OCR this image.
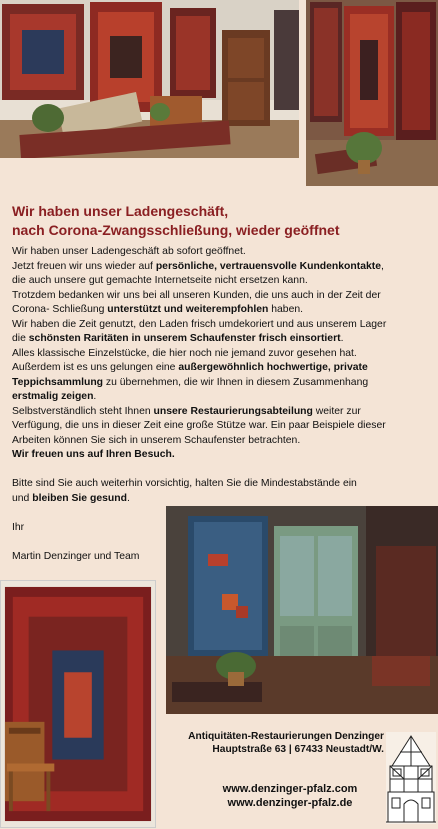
Wir haben unser Ladengeschäft,
nach Corona-Zwangsschließung, wieder geöffnet

Wir haben unser Ladengeschäft ab sofort geöffnet.

Jetzt freuen wir uns wieder auf persönliche, vertrauensvolle Kundenkontakte,

die auch unsere gut gemachte Internetseite nicht ersetzen kann.

Trotzdem bedanken wir uns bei all unseren Kunden, die uns auch in der Zeit der

Corona- Schließung unterstützt und weiterempfohlen haben.

Wir haben die Zeit genutzt, den Laden frisch umdekoriert und aus unserem Lager

die schönsten Raritäten in unserem Schaufenster frisch einsortiert.

Alles klassische Einzelstücke, die hier noch nie jemand zuvor gesehen hat.

Außerdem ist es uns gelungen eine außergewöhnlich hochwertige, private

Teppichsammlung zu übernehmen, die wir Ihnen in diesem Zusammenhang

erstmalig zeigen.

Selbstverständlich steht Ihnen unsere Restaurierungsabteilung weiter zur

Verfügung, die uns in dieser Zeit eine große Stütze war. Ein paar Beispiele dieser

Arbeiten können Sie sich in unserem Schaufenster betrachten.

Wir freuen uns auf Ihren Besuch.

Bitte sind Sie auch weiterhin vorsichtig, halten Sie die Mindestabstände ein

und bleiben Sie gesund.

Ihr

Martin Denzinger und Team

Antiquitäten-Restaurierungen Denzinger
Hauptstraße 63 | 67433 Neustadt/W.
www.denzinger-pfalz.com
www.denzinger-pfalz.de
